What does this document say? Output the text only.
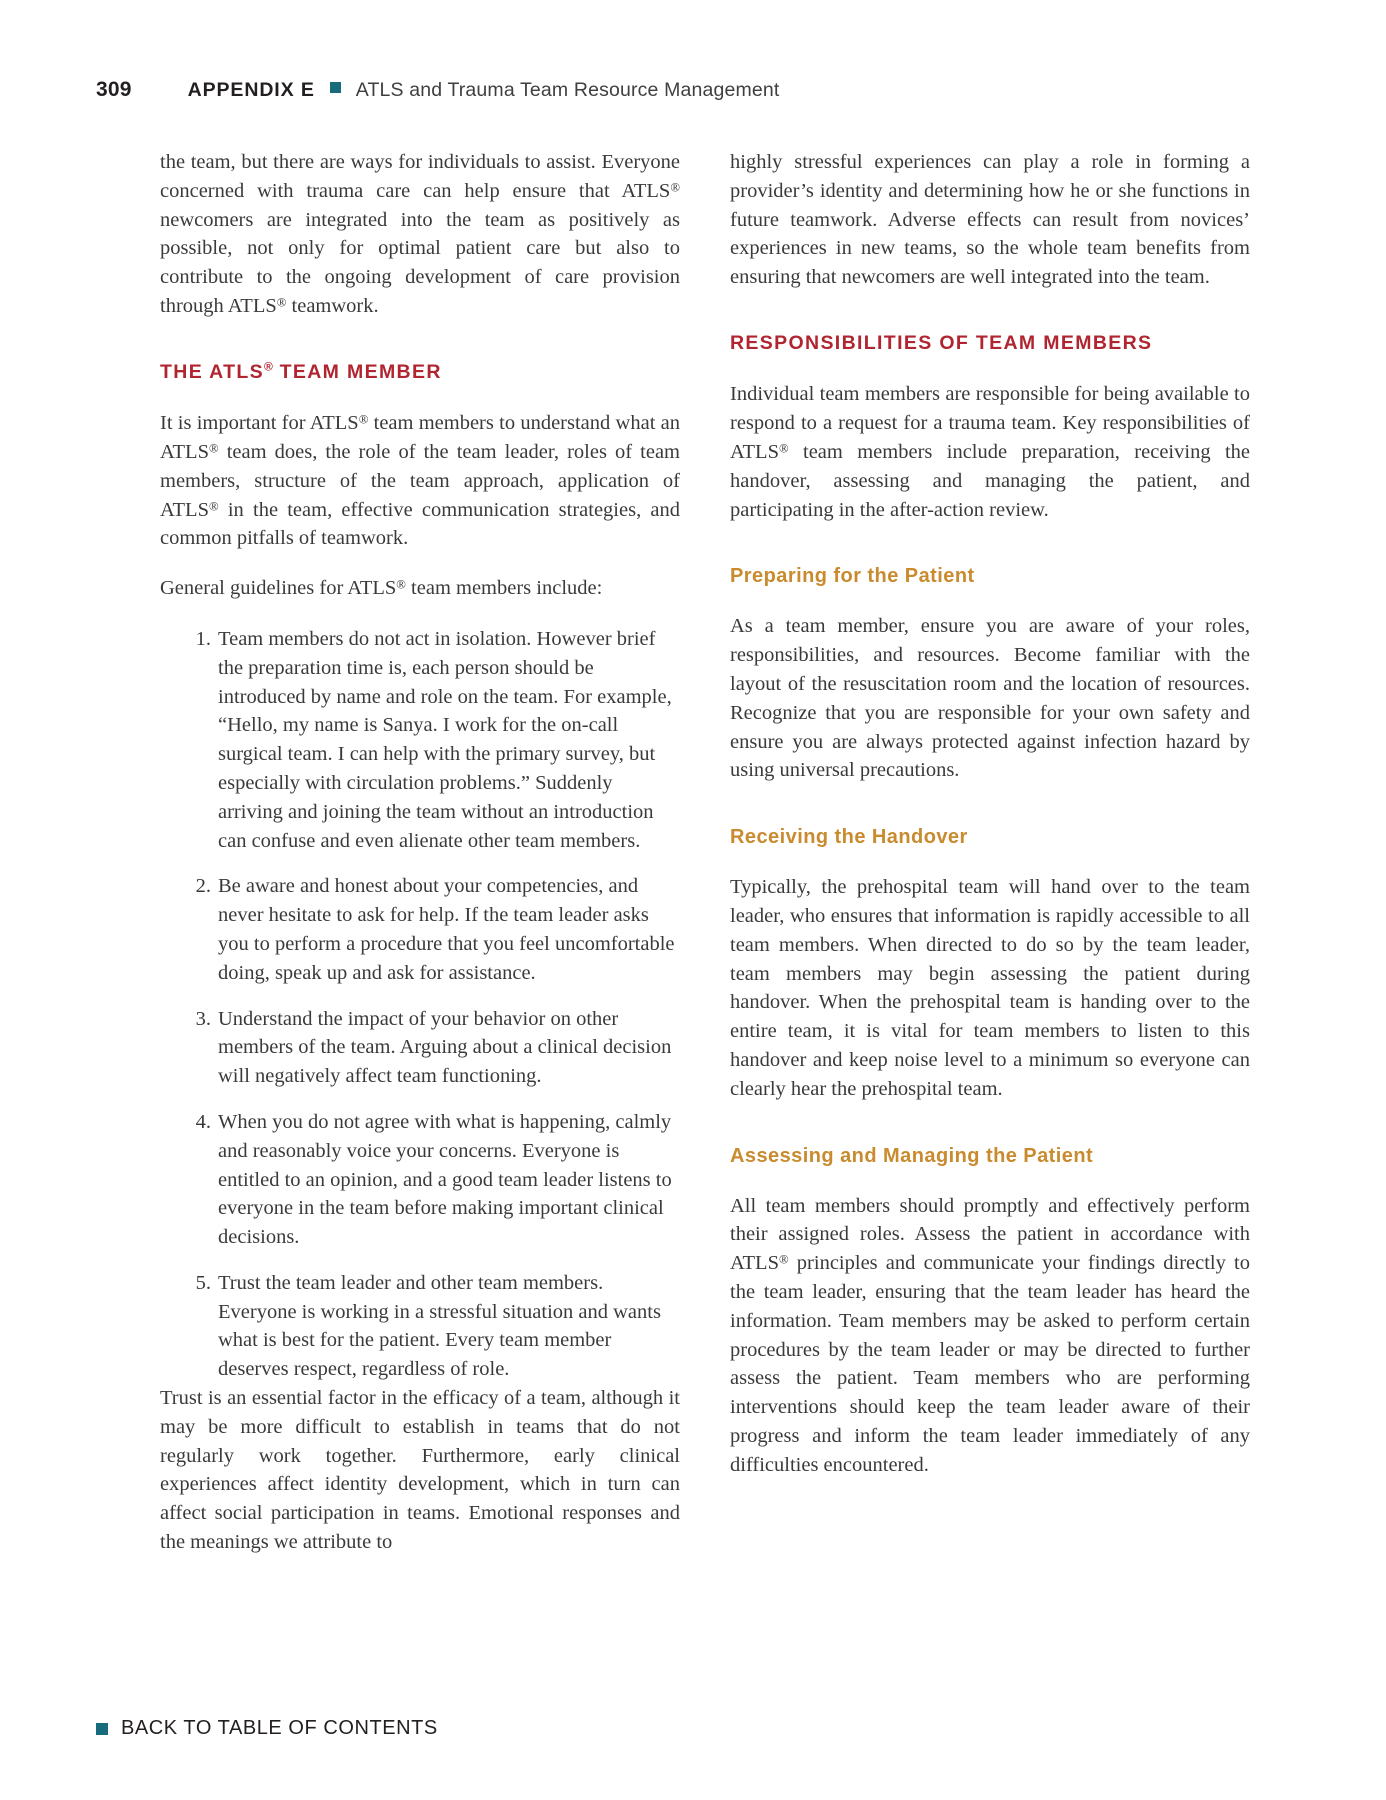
309	APPENDIX E ATLS and Trauma Team Resource Management

the team, but there are ways for individuals to assist. Everyone concerned with trauma care can help ensure that ATLS® newcomers are integrated into the team as positively as possible, not only for optimal patient care but also to contribute to the ongoing development of care provision through ATLS® teamwork.

THE ATLS® TEAM MEMBER

It is important for ATLS® team members to understand what an ATLS® team does, the role of the team leader, roles of team members, structure of the team approach, application of ATLS® in the team, effective communication strategies, and common pitfalls of teamwork.

General guidelines for ATLS® team members include:

Team members do not act in isolation. However brief the preparation time is, each person should be introduced by name and role on the team. For example, “Hello, my name is Sanya. I work for the on-call surgical team. I can help with the primary survey, but especially with circulation problems.” Suddenly arriving and joining the team without an introduction can confuse and even alienate other team members.
Be aware and honest about your competencies, and never hesitate to ask for help. If the team leader asks you to perform a procedure that you feel uncomfortable doing, speak up and ask for assistance.
Understand the impact of your behavior on other members of the team. Arguing about a clinical decision will negatively affect team functioning.
When you do not agree with what is happening, calmly and reasonably voice your concerns. Everyone is entitled to an opinion, and a good team leader listens to everyone in the team before making important clinical decisions.
Trust the team leader and other team members. Everyone is working in a stressful situation and wants what is best for the patient. Every team member deserves respect, regardless of role.

Trust is an essential factor in the efficacy of a team, although it may be more difficult to establish in teams that do not regularly work together. Furthermore, early clinical experiences affect identity development, which in turn can affect social participation in teams. Emotional responses and the meanings we attribute to

highly stressful experiences can play a role in forming a provider’s identity and determining how he or she functions in future teamwork. Adverse effects can result from novices’ experiences in new teams, so the whole team benefits from ensuring that newcomers are well integrated into the team.

RESPONSIBILITIES OF TEAM MEMBERS

Individual team members are responsible for being available to respond to a request for a trauma team. Key responsibilities of ATLS® team members include preparation, receiving the handover, assessing and managing the patient, and participating in the after-action review.

Preparing for the Patient

As a team member, ensure you are aware of your roles, responsibilities, and resources. Become familiar with the layout of the resuscitation room and the location of resources. Recognize that you are responsible for your own safety and ensure you are always protected against infection hazard by using universal precautions.

Receiving the Handover

Typically, the prehospital team will hand over to the team leader, who ensures that information is rapidly accessible to all team members. When directed to do so by the team leader, team members may begin assessing the patient during handover. When the prehospital team is handing over to the entire team, it is vital for team members to listen to this handover and keep noise level to a minimum so everyone can clearly hear the prehospital team.

Assessing and Managing the Patient

All team members should promptly and effectively perform their assigned roles. Assess the patient in accordance with ATLS® principles and communicate your findings directly to the team leader, ensuring that the team leader has heard the information. Team members may be asked to perform certain procedures by the team leader or may be directed to further assess the patient. Team members who are performing interventions should keep the team leader aware of their progress and inform the team leader immediately of any difficulties encountered.

BACK TO TABLE OF CONTENTS
